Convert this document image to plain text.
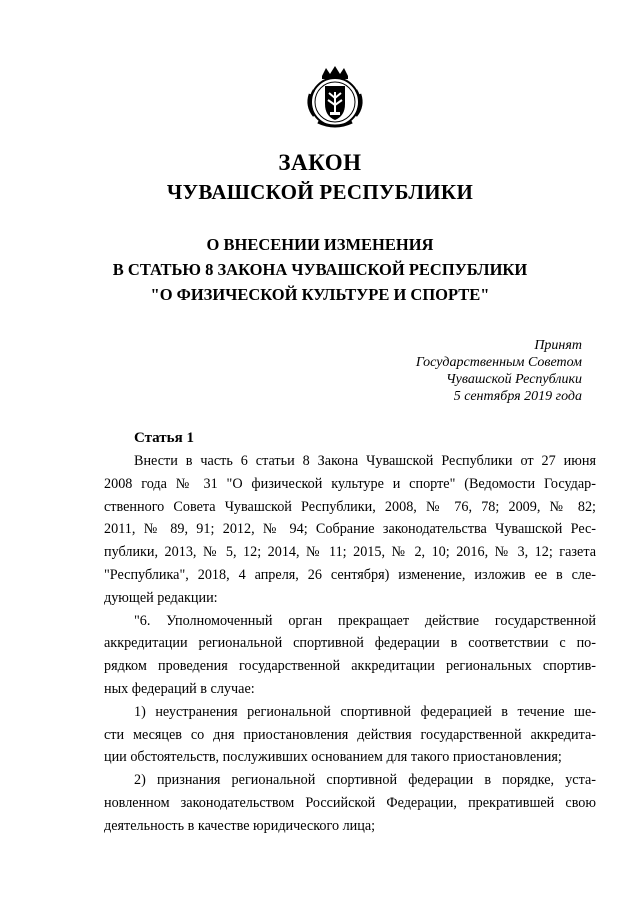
ЗАКОН
ЧУВАШСКОЙ РЕСПУБЛИКИ
О ВНЕСЕНИИ ИЗМЕНЕНИЯ
В СТАТЬЮ 8 ЗАКОНА ЧУВАШСКОЙ РЕСПУБЛИКИ
"О ФИЗИЧЕСКОЙ КУЛЬТУРЕ И СПОРТЕ"
Принят
Государственным Советом
Чувашской Республики
5 сентября 2019 года
Статья 1
Внести в часть 6 статьи 8 Закона Чувашской Республики от 27 июня
2008 года № 31 "О физической культуре и спорте" (Ведомости Государ-
ственного Совета Чувашской Республики, 2008, № 76, 78; 2009, № 82;
2011, № 89, 91; 2012, № 94; Собрание законодательства Чувашской Рес-
публики, 2013, № 5, 12; 2014, № 11; 2015, № 2, 10; 2016, № 3, 12; газета
"Республика", 2018, 4 апреля, 26 сентября) изменение, изложив ее в сле-
дующей редакции:
"6. Уполномоченный орган прекращает действие государственной
аккредитации региональной спортивной федерации в соответствии с по-
рядком проведения государственной аккредитации региональных спортив-
ных федераций в случае:
1) неустранения региональной спортивной федерацией в течение ше-
сти месяцев со дня приостановления действия государственной аккредита-
ции обстоятельств, послуживших основанием для такого приостановления;
2) признания региональной спортивной федерации в порядке, уста-
новленном законодательством Российской Федерации, прекратившей свою
деятельность в качестве юридического лица;
